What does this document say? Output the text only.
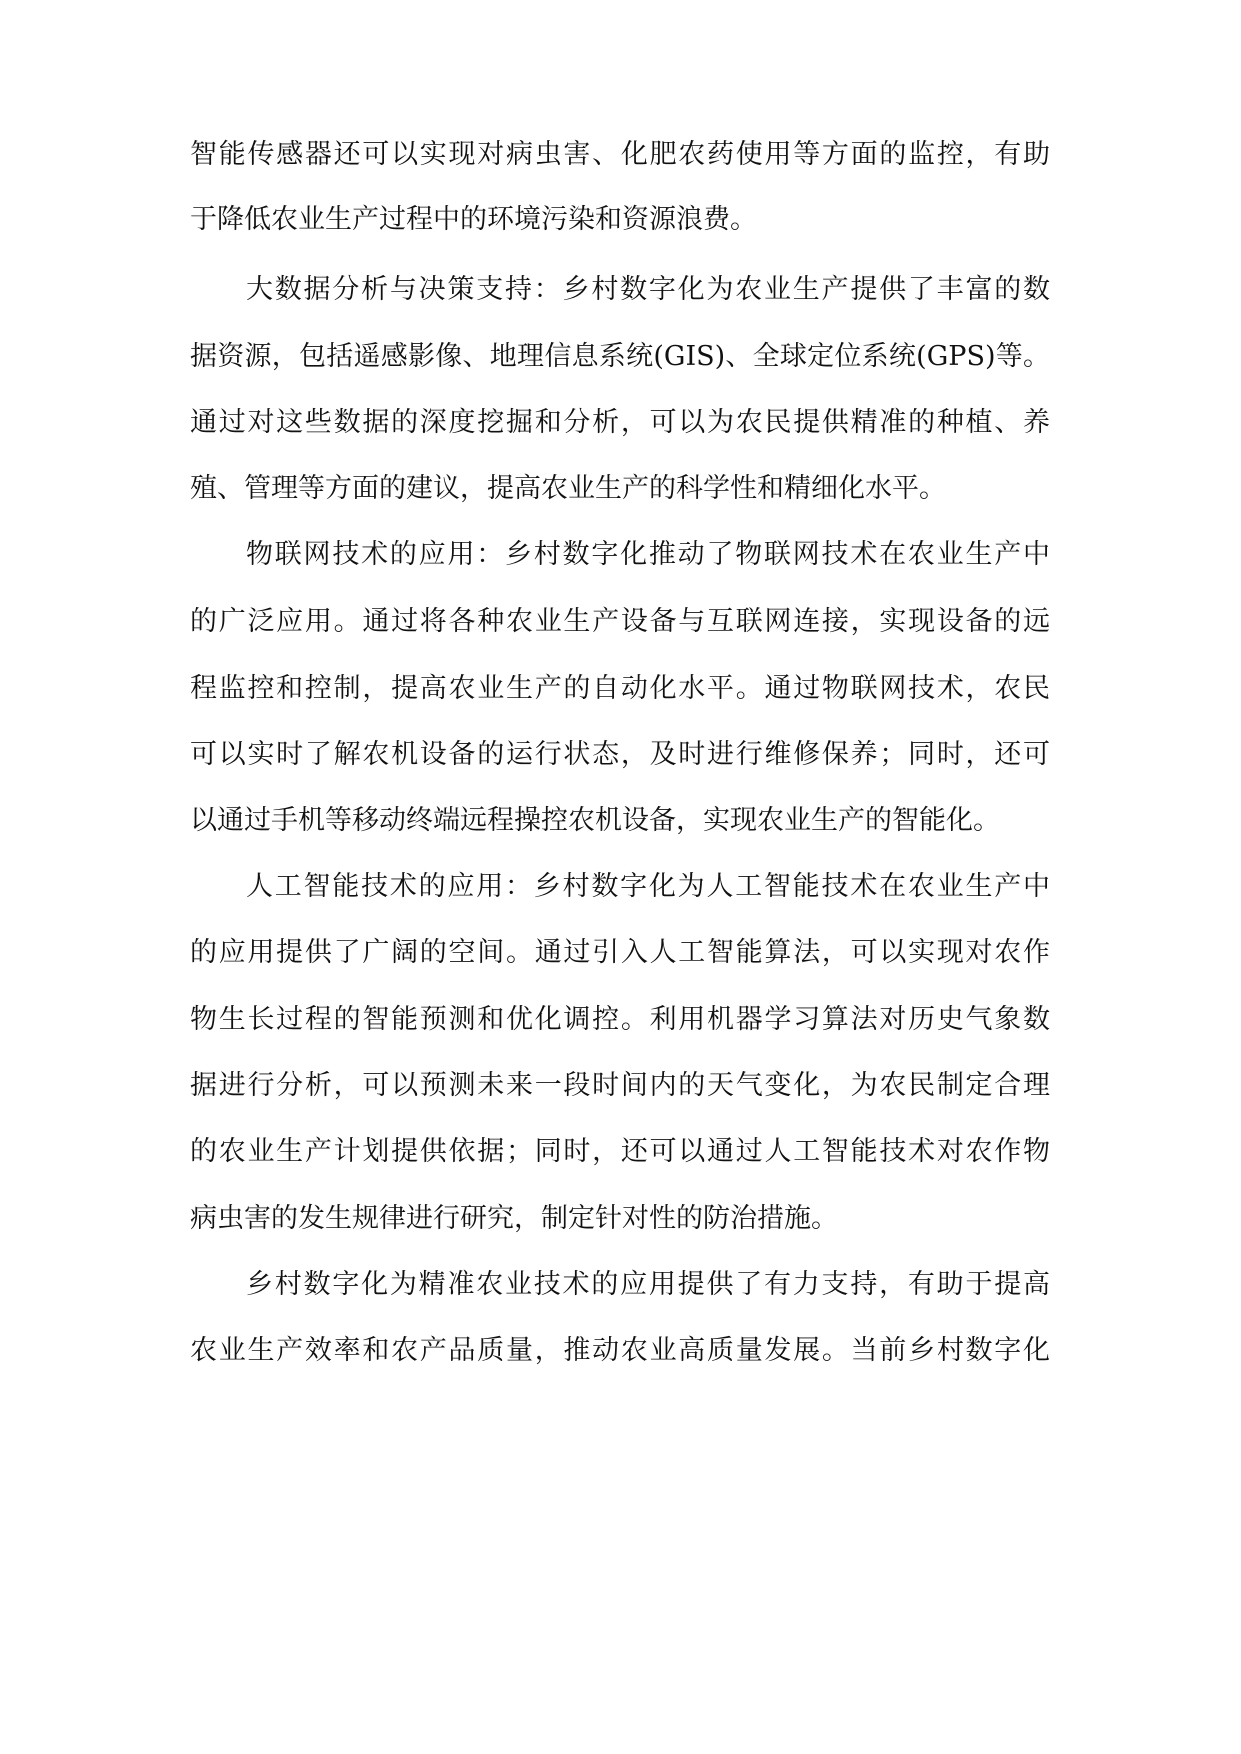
智能传感器还可以实现对病虫害、化肥农药使用等方面的监控，有助
于降低农业生产过程中的环境污染和资源浪费。
大数据分析与决策支持：乡村数字化为农业生产提供了丰富的数
据资源，包括遥感影像、地理信息系统(GIS)、全球定位系统(GPS)等。
通过对这些数据的深度挖掘和分析，可以为农民提供精准的种植、养
殖、管理等方面的建议，提高农业生产的科学性和精细化水平。
物联网技术的应用：乡村数字化推动了物联网技术在农业生产中
的广泛应用。通过将各种农业生产设备与互联网连接，实现设备的远
程监控和控制，提高农业生产的自动化水平。通过物联网技术，农民
可以实时了解农机设备的运行状态，及时进行维修保养；同时，还可
以通过手机等移动终端远程操控农机设备，实现农业生产的智能化。
人工智能技术的应用：乡村数字化为人工智能技术在农业生产中
的应用提供了广阔的空间。通过引入人工智能算法，可以实现对农作
物生长过程的智能预测和优化调控。利用机器学习算法对历史气象数
据进行分析，可以预测未来一段时间内的天气变化，为农民制定合理
的农业生产计划提供依据；同时，还可以通过人工智能技术对农作物
病虫害的发生规律进行研究，制定针对性的防治措施。
乡村数字化为精准农业技术的应用提供了有力支持，有助于提高
农业生产效率和农产品质量，推动农业高质量发展。当前乡村数字化
